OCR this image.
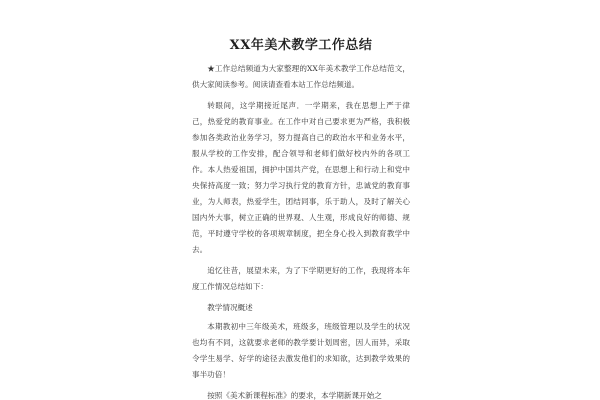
XX年美术教学工作总结

★工作总结频道为大家整理的XX年美术教学工作总结范文，供大家阅读参考。阅读请查看本站工作总结频道。

转眼间，这学期接近尾声．一学期来，我在思想上严于律己，热爱党的教育事业。在工作中对自己要求更为严格，我积极参加各类政治业务学习，努力提高自己的政治水平和业务水平，服从学校的工作安排，配合领导和老师们做好校内外的各项工作。本人热爱祖国，拥护中国共产党，在思想上和行动上和党中央保持高度一致；努力学习执行党的教育方针，忠诚党的教育事业，为人师表，热爱学生，团结同事，乐于助人，及时了解关心国内外大事，树立正确的世界观、人生观，形成良好的师德、规范，平时遵守学校的各项规章制度，把全身心投入到教育教学中去。

追忆往昔，展望未来，为了下学期更好的工作，我现将本年度工作情况总结如下：

教学情况概述

本期教初中三年级美术，班级多，班级管理以及学生的状况也均有不同，这就要求老师的教学要计划周密，因人而异，采取令学生易学、好学的途径去激发他们的求知欲，达到教学效果的事半功倍！

按照《美术新课程标准》的要求，本学期新课开始之
